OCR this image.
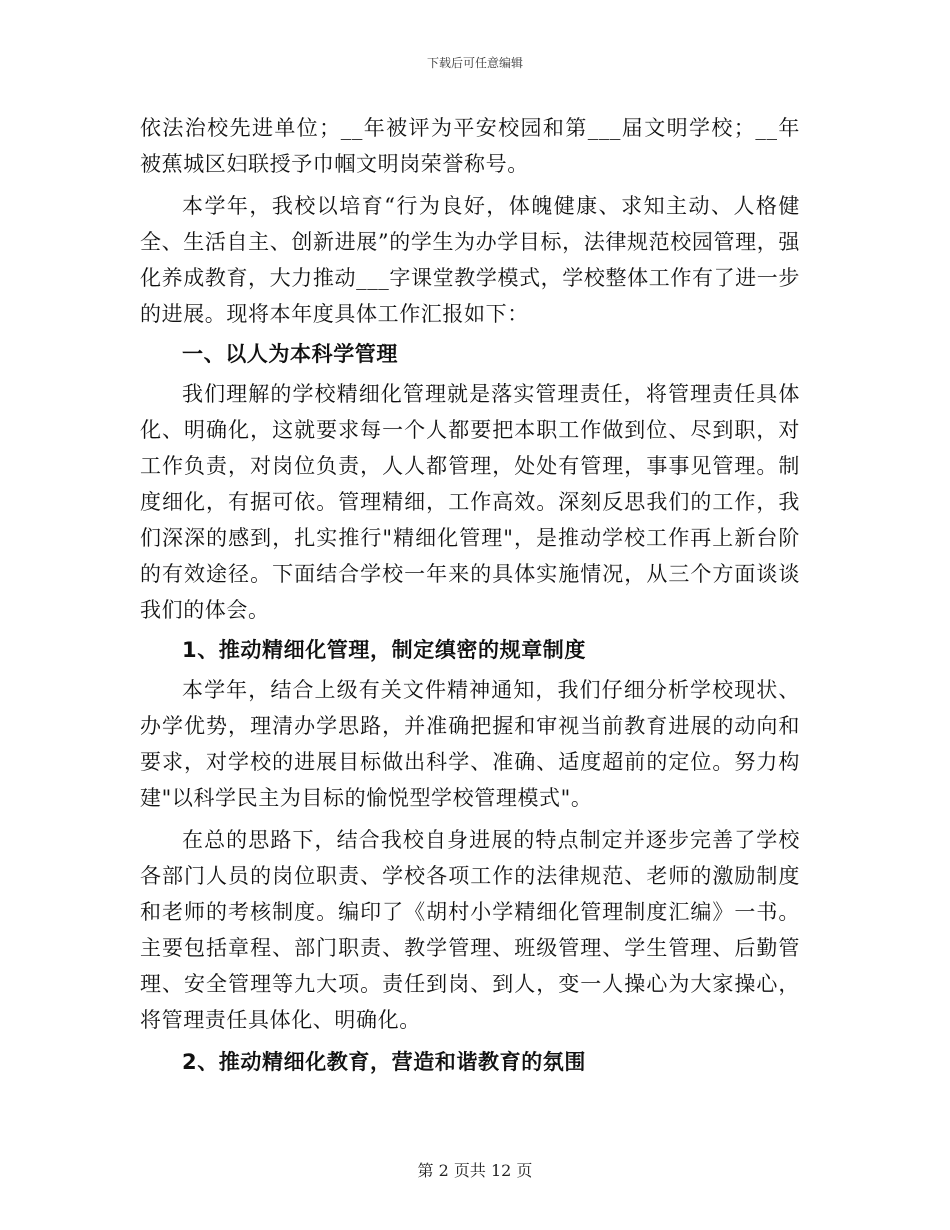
下载后可任意编辑

依法治校先进单位；__年被评为平安校园和第___届文明学校；__年被蕉城区妇联授予巾帼文明岗荣誉称号。

本学年，我校以培育“行为良好，体魄健康、求知主动、人格健全、生活自主、创新进展”的学生为办学目标，法律规范校园管理，强化养成教育，大力推动___字课堂教学模式，学校整体工作有了进一步的进展。现将本年度具体工作汇报如下：

一、以人为本科学管理

我们理解的学校精细化管理就是落实管理责任，将管理责任具体化、明确化，这就要求每一个人都要把本职工作做到位、尽到职，对工作负责，对岗位负责，人人都管理，处处有管理，事事见管理。制度细化，有据可依。管理精细，工作高效。深刻反思我们的工作，我们深深的感到，扎实推行"精细化管理"，是推动学校工作再上新台阶的有效途径。下面结合学校一年来的具体实施情况，从三个方面谈谈我们的体会。

1、推动精细化管理，制定缜密的规章制度

本学年，结合上级有关文件精神通知，我们仔细分析学校现状、办学优势，理清办学思路，并准确把握和审视当前教育进展的动向和要求，对学校的进展目标做出科学、准确、适度超前的定位。努力构建"以科学民主为目标的愉悦型学校管理模式"。

在总的思路下，结合我校自身进展的特点制定并逐步完善了学校各部门人员的岗位职责、学校各项工作的法律规范、老师的激励制度和老师的考核制度。编印了《胡村小学精细化管理制度汇编》一书。主要包括章程、部门职责、教学管理、班级管理、学生管理、后勤管理、安全管理等九大项。责任到岗、到人，变一人操心为大家操心，将管理责任具体化、明确化。

2、推动精细化教育，营造和谐教育的氛围

第 2 页共 12 页
